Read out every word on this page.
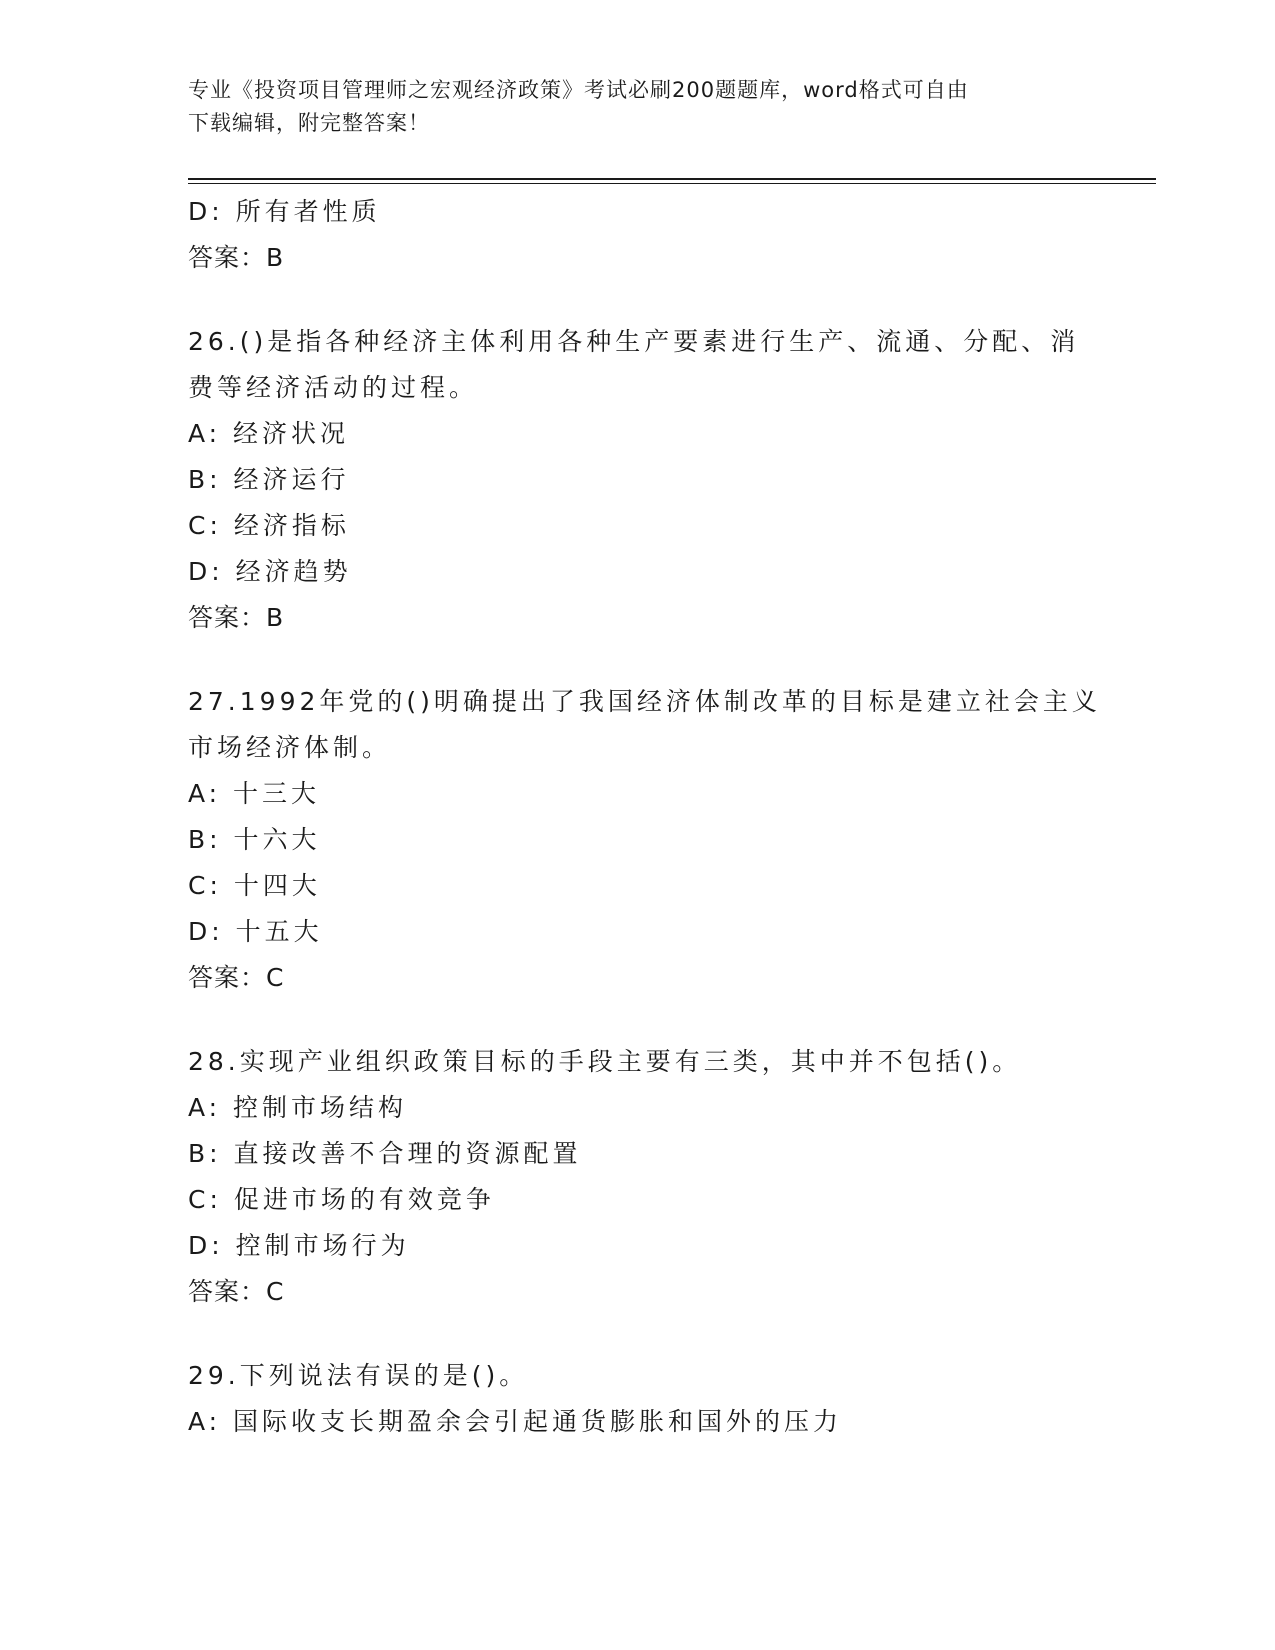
专业《投资项目管理师之宏观经济政策》考试必刷200题题库，word格式可自由
下载编辑，附完整答案！
D: 所有者性质
答案：B
26.()是指各种经济主体利用各种生产要素进行生产、流通、分配、消
费等经济活动的过程。
A: 经济状况
B: 经济运行
C: 经济指标
D: 经济趋势
答案：B
27.1992年党的()明确提出了我国经济体制改革的目标是建立社会主义
市场经济体制。
A: 十三大
B: 十六大
C: 十四大
D: 十五大
答案：C
28.实现产业组织政策目标的手段主要有三类，其中并不包括()。
A: 控制市场结构
B: 直接改善不合理的资源配置
C: 促进市场的有效竞争
D: 控制市场行为
答案：C
29.下列说法有误的是()。
A: 国际收支长期盈余会引起通货膨胀和国外的压力
